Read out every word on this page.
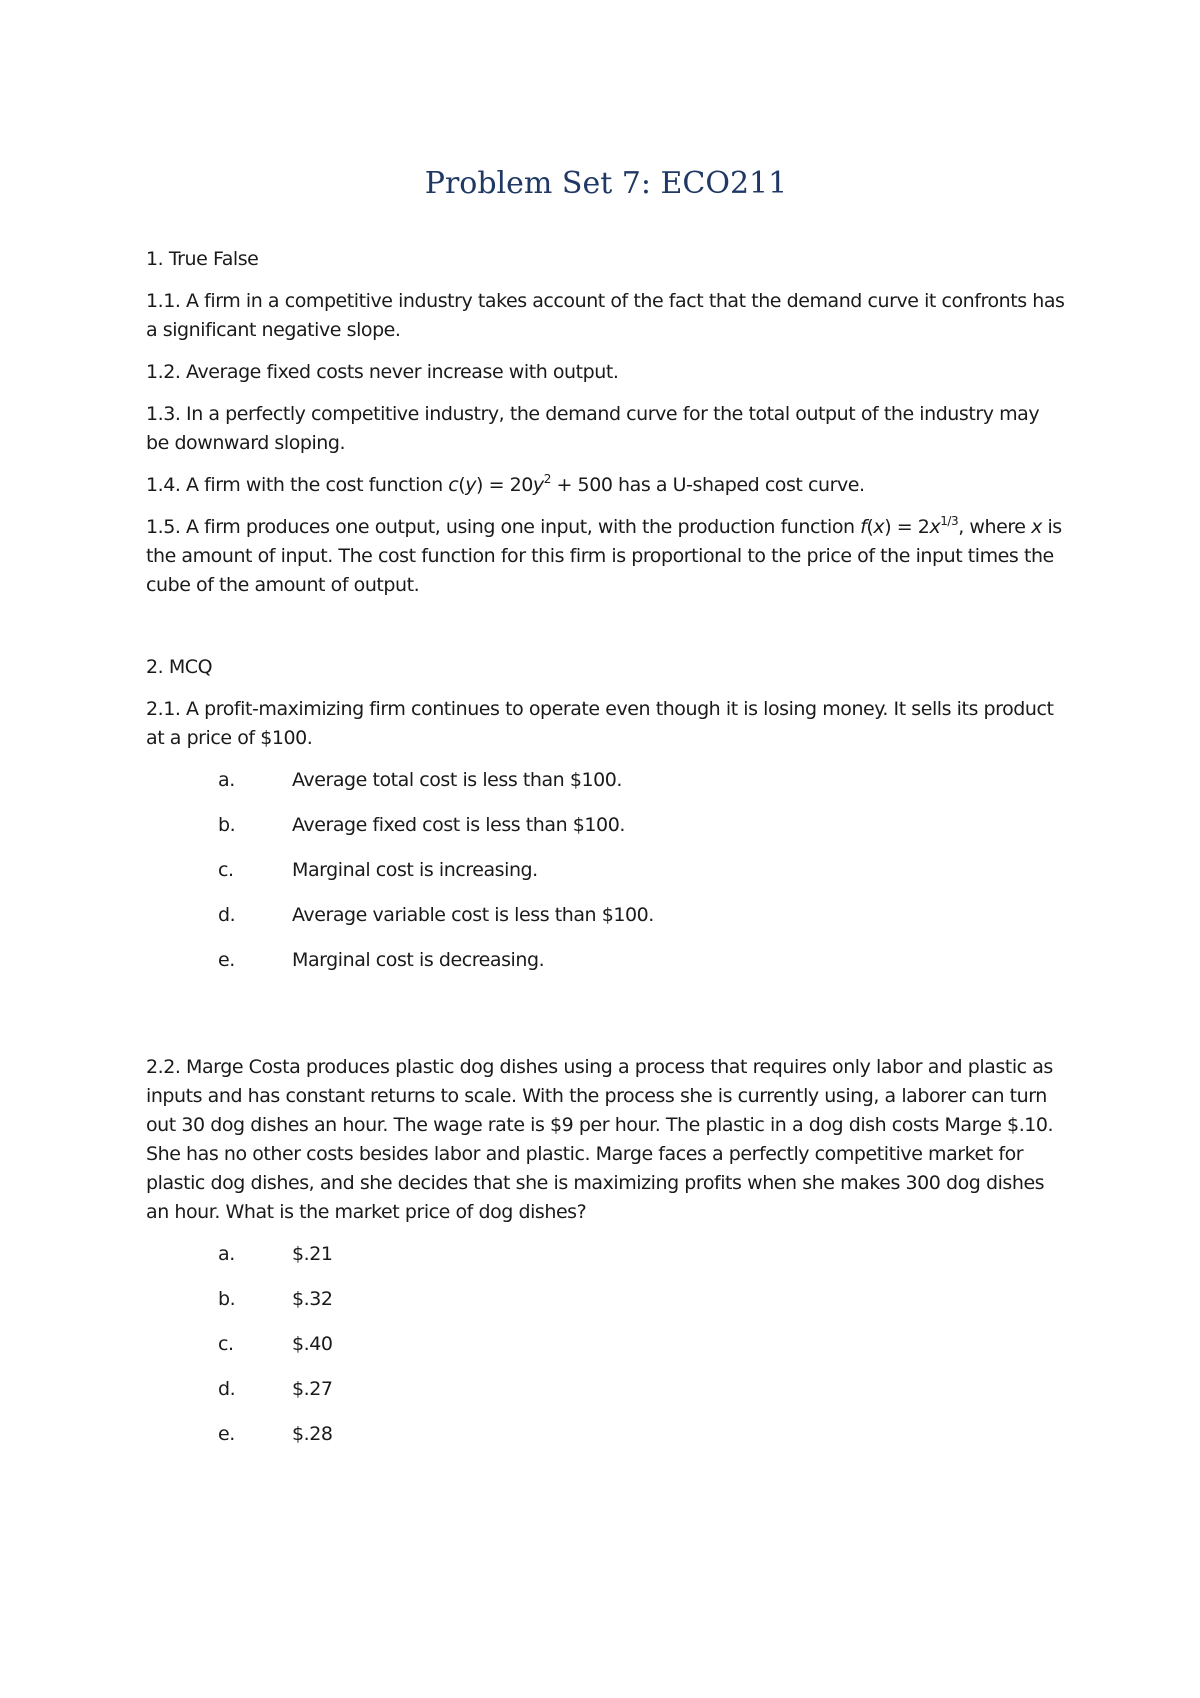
Problem Set 7: ECO211

1. True False

1.1. A firm in a competitive industry takes account of the fact that the demand curve it confronts has a significant negative slope.

1.2. Average fixed costs never increase with output.

1.3. In a perfectly competitive industry, the demand curve for the total output of the industry may be downward sloping.

1.4. A firm with the cost function $c(y) = 20y^2 + 500$ has a U-shaped cost curve.

1.5. A firm produces one output, using one input, with the production function $f(x) = 2x^{1/3}$, where x is the amount of input. The cost function for this firm is proportional to the price of the input times the cube of the amount of output.

2. MCQ

2.1. A profit-maximizing firm continues to operate even though it is losing money. It sells its product at a price of $100.

a.	Average total cost is less than $100.
b.	Average fixed cost is less than $100.
c.	Marginal cost is increasing.
d.	Average variable cost is less than $100.
e.	Marginal cost is decreasing.

2.2. Marge Costa produces plastic dog dishes using a process that requires only labor and plastic as inputs and has constant returns to scale. With the process she is currently using, a laborer can turn out 30 dog dishes an hour. The wage rate is $9 per hour. The plastic in a dog dish costs Marge $.10. She has no other costs besides labor and plastic. Marge faces a perfectly competitive market for plastic dog dishes, and she decides that she is maximizing profits when she makes 300 dog dishes an hour. What is the market price of dog dishes?

a.	$.21
b.	$.32
c.	$.40
d.	$.27
e.	$.28
